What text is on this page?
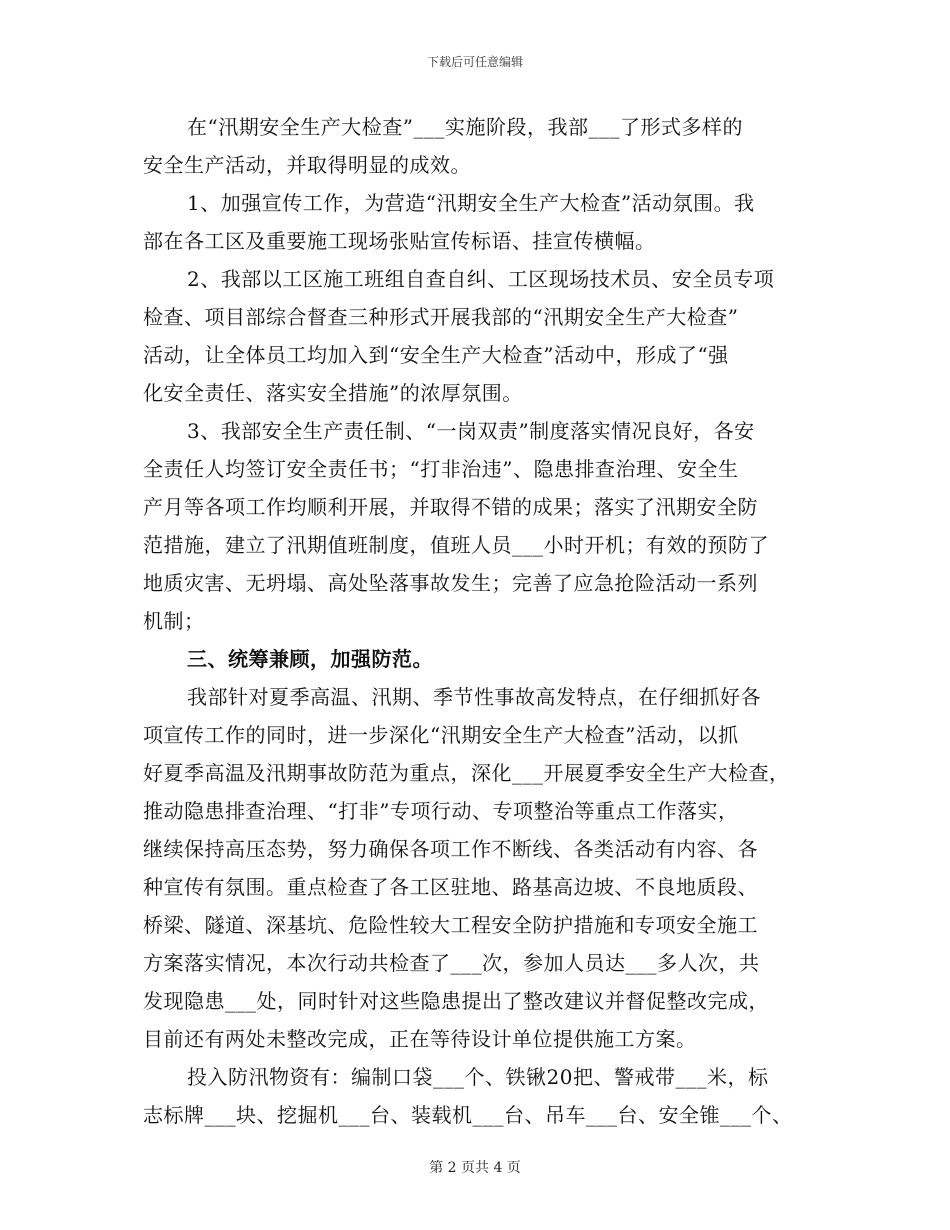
下载后可任意编辑
在“汛期安全生产大检查”___实施阶段，我部___了形式多样的
安全生产活动，并取得明显的成效。
1、加强宣传工作，为营造“汛期安全生产大检查”活动氛围。我
部在各工区及重要施工现场张贴宣传标语、挂宣传横幅。
2、我部以工区施工班组自查自纠、工区现场技术员、安全员专项
检查、项目部综合督查三种形式开展我部的“汛期安全生产大检查”
活动，让全体员工均加入到“安全生产大检查”活动中，形成了“强
化安全责任、落实安全措施”的浓厚氛围。
3、我部安全生产责任制、“一岗双责”制度落实情况良好，各安
全责任人均签订安全责任书；“打非治违”、隐患排查治理、安全生
产月等各项工作均顺利开展，并取得不错的成果；落实了汛期安全防
范措施，建立了汛期值班制度，值班人员___小时开机；有效的预防了
地质灾害、无坍塌、高处坠落事故发生；完善了应急抢险活动一系列
机制；
三、统筹兼顾，加强防范。
我部针对夏季高温、汛期、季节性事故高发特点，在仔细抓好各
项宣传工作的同时，进一步深化“汛期安全生产大检查”活动，以抓
好夏季高温及汛期事故防范为重点，深化___开展夏季安全生产大检查，
推动隐患排查治理、“打非”专项行动、专项整治等重点工作落实，
继续保持高压态势，努力确保各项工作不断线、各类活动有内容、各
种宣传有氛围。重点检查了各工区驻地、路基高边坡、不良地质段、
桥梁、隧道、深基坑、危险性较大工程安全防护措施和专项安全施工
方案落实情况，本次行动共检查了___次，参加人员达___多人次，共
发现隐患___处，同时针对这些隐患提出了整改建议并督促整改完成，
目前还有两处未整改完成，正在等待设计单位提供施工方案。
投入防汛物资有：编制口袋___个、铁锹20把、警戒带___米，标
志标牌___块、挖掘机___台、装载机___台、吊车___台、安全锥___个、
第 2 页共 4 页
